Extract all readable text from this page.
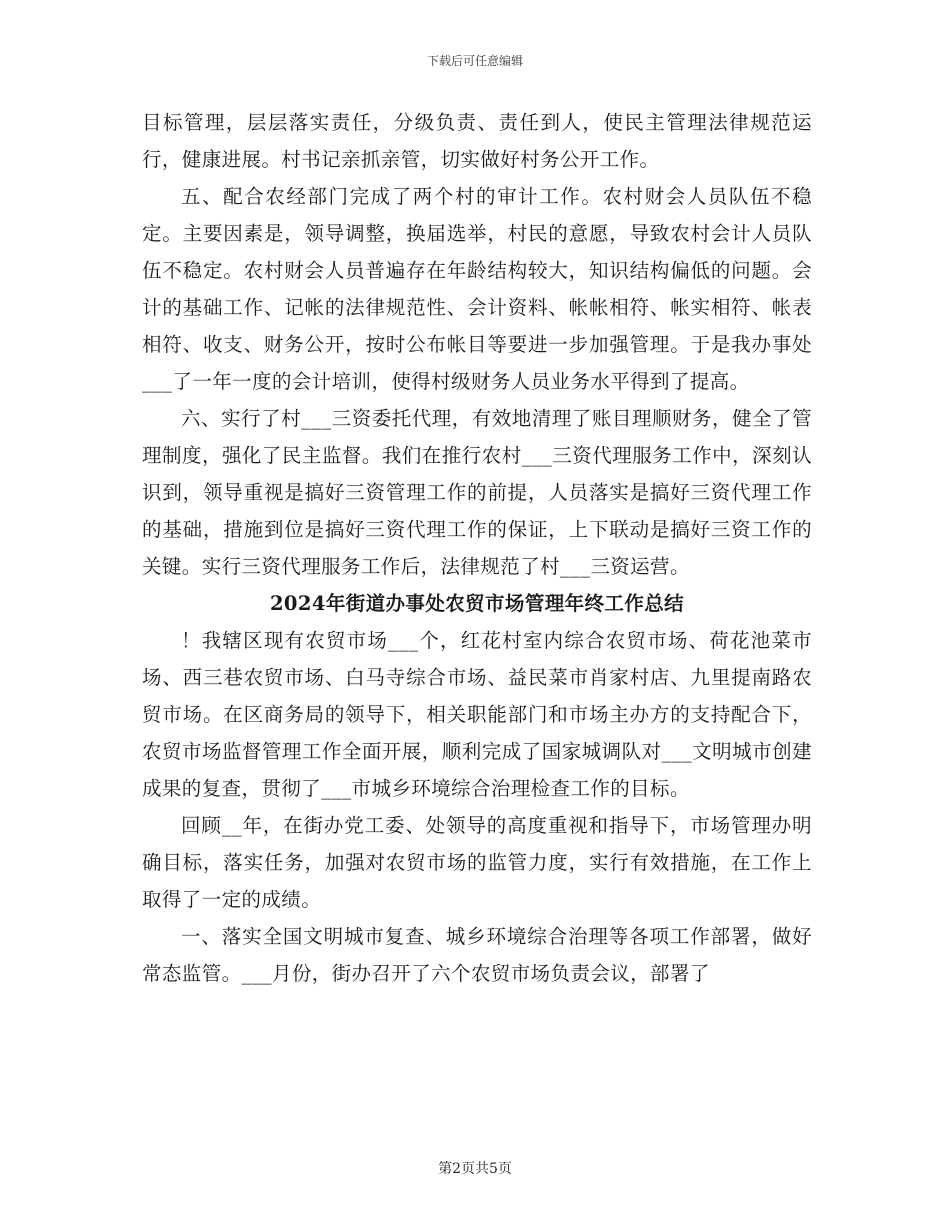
下载后可任意编辑

目标管理，层层落实责任，分级负责、责任到人，使民主管理法律规范运行，健康进展。村书记亲抓亲管，切实做好村务公开工作。

五、配合农经部门完成了两个村的审计工作。农村财会人员队伍不稳定。主要因素是，领导调整，换届选举，村民的意愿，导致农村会计人员队伍不稳定。农村财会人员普遍存在年龄结构较大，知识结构偏低的问题。会计的基础工作、记帐的法律规范性、会计资料、帐帐相符、帐实相符、帐表相符、收支、财务公开，按时公布帐目等要进一步加强管理。于是我办事处___了一年一度的会计培训，使得村级财务人员业务水平得到了提高。

六、实行了村___三资委托代理，有效地清理了账目理顺财务，健全了管理制度，强化了民主监督。我们在推行农村___三资代理服务工作中，深刻认识到，领导重视是搞好三资管理工作的前提，人员落实是搞好三资代理工作的基础，措施到位是搞好三资代理工作的保证，上下联动是搞好三资工作的关键。实行三资代理服务工作后，法律规范了村___三资运营。

2024年街道办事处农贸市场管理年终工作总结

！我辖区现有农贸市场___个，红花村室内综合农贸市场、荷花池菜市场、西三巷农贸市场、白马寺综合市场、益民菜市肖家村店、九里提南路农贸市场。在区商务局的领导下，相关职能部门和市场主办方的支持配合下，农贸市场监督管理工作全面开展，顺利完成了国家城调队对___文明城市创建成果的复查，贯彻了___市城乡环境综合治理检查工作的目标。

回顾__年，在街办党工委、处领导的高度重视和指导下，市场管理办明确目标，落实任务，加强对农贸市场的监管力度，实行有效措施，在工作上取得了一定的成绩。

一、落实全国文明城市复查、城乡环境综合治理等各项工作部署，做好常态监管。___月份，街办召开了六个农贸市场负责会议，部署了

第2页共5页
